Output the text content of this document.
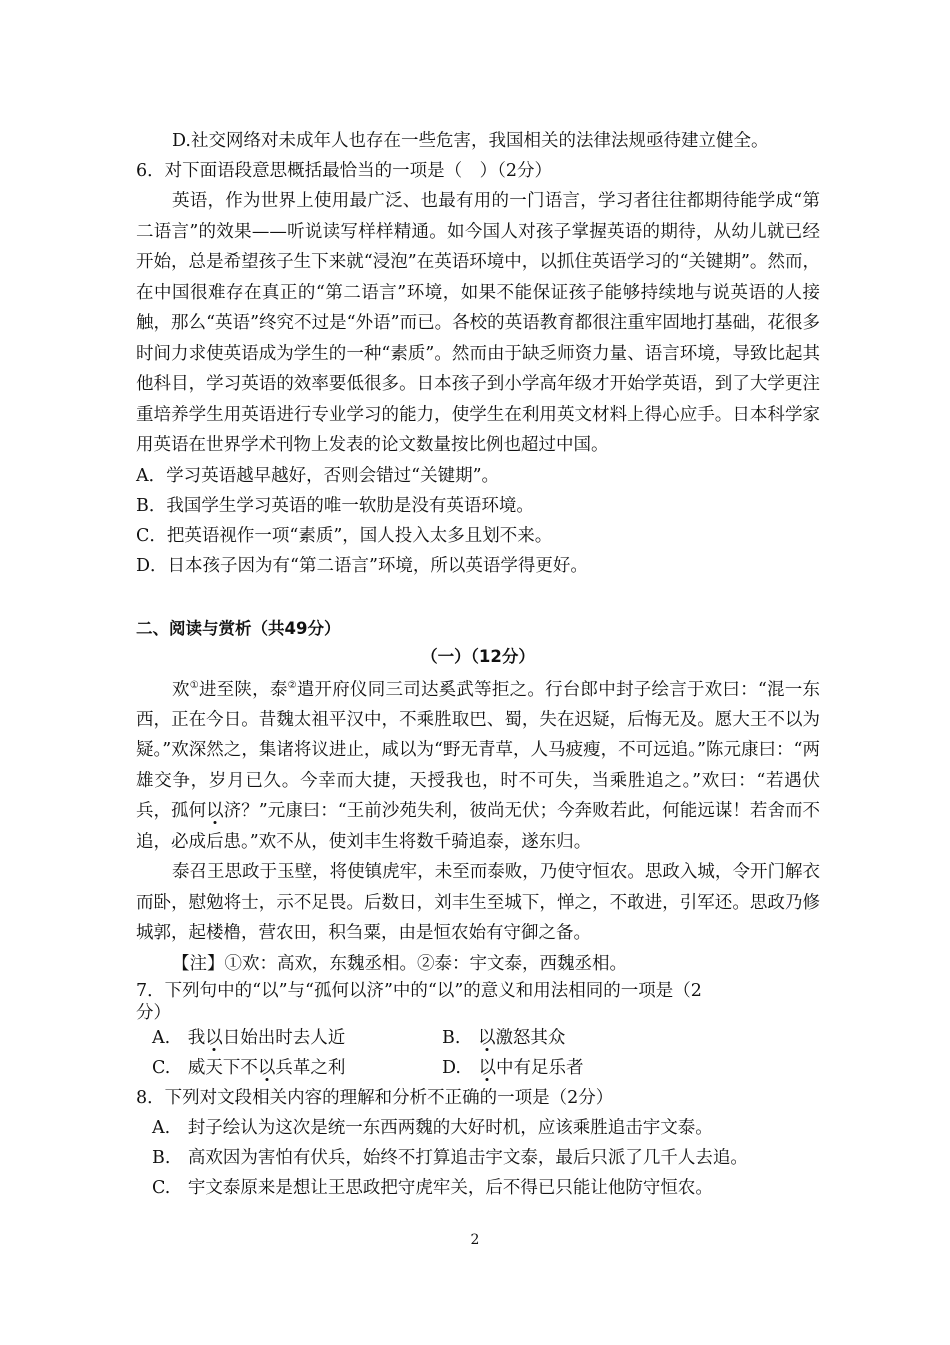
D.社交网络对未成年人也存在一些危害，我国相关的法律法规亟待建立健全。
6．对下面语段意思概括最恰当的一项是（　）（2分）
英语，作为世界上使用最广泛、也最有用的一门语言，学习者往往都期待能学成“第二语言”的效果——听说读写样样精通。如今国人对孩子掌握英语的期待，从幼儿就已经开始，总是希望孩子生下来就“浸泡”在英语环境中，以抓住英语学习的“关键期”。然而，在中国很难存在真正的“第二语言”环境，如果不能保证孩子能够持续地与说英语的人接触，那么“英语”终究不过是“外语”而已。各校的英语教育都很注重牢固地打基础，花很多时间力求使英语成为学生的一种“素质”。然而由于缺乏师资力量、语言环境，导致比起其他科目，学习英语的效率要低很多。日本孩子到小学高年级才开始学英语，到了大学更注重培养学生用英语进行专业学习的能力，使学生在利用英文材料上得心应手。日本科学家用英语在世界学术刊物上发表的论文数量按比例也超过中国。
A．学习英语越早越好，否则会错过“关键期”。
B．我国学生学习英语的唯一软肋是没有英语环境。
C．把英语视作一项“素质”，国人投入太多且划不来。
D．日本孩子因为有“第二语言”环境，所以英语学得更好。
二、阅读与赏析（共49分）
（一）（12分）
欢①进至陕，泰②遣开府仪同三司达奚武等拒之。行台郎中封子绘言于欢曰：“混一东西，正在今日。昔魏太祖平汉中，不乘胜取巴、蜀，失在迟疑，后悔无及。愿大王不以为疑。”欢深然之，集诸将议进止，咸以为“野无青草，人马疲瘦，不可远追。”陈元康曰：“两雄交争，岁月已久。今幸而大捷，天授我也，时不可失，当乘胜追之。”欢曰：“若遇伏兵，孤何以济？”元康曰：“王前沙苑失利，彼尚无伏；今奔败若此，何能远谋！若舍而不追，必成后患。”欢不从，使刘丰生将数千骑追泰，遂东归。
泰召王思政于玉壁，将使镇虎牢，未至而泰败，乃使守恒农。思政入城，令开门解衣而卧，慰勉将士，示不足畏。后数日，刘丰生至城下，惮之，不敢进，引军还。思政乃修城郭，起楼橹，营农田，积刍粟，由是恒农始有守御之备。
【注】①欢：高欢，东魏丞相。②泰：宇文泰，西魏丞相。
7．下列句中的“以”与“孤何以济”中的“以”的意义和用法相同的一项是（2
分）
A.　我以日始出时去人近	B.　以激怒其众
C.　威天下不以兵革之利	D.　以中有足乐者
8．下列对文段相关内容的理解和分析不正确的一项是（2分）
A.　封子绘认为这次是统一东西两魏的大好时机，应该乘胜追击宇文泰。
B.　高欢因为害怕有伏兵，始终不打算追击宇文泰，最后只派了几千人去追。
C.　宇文泰原来是想让王思政把守虎牢关，后不得已只能让他防守恒农。
2
